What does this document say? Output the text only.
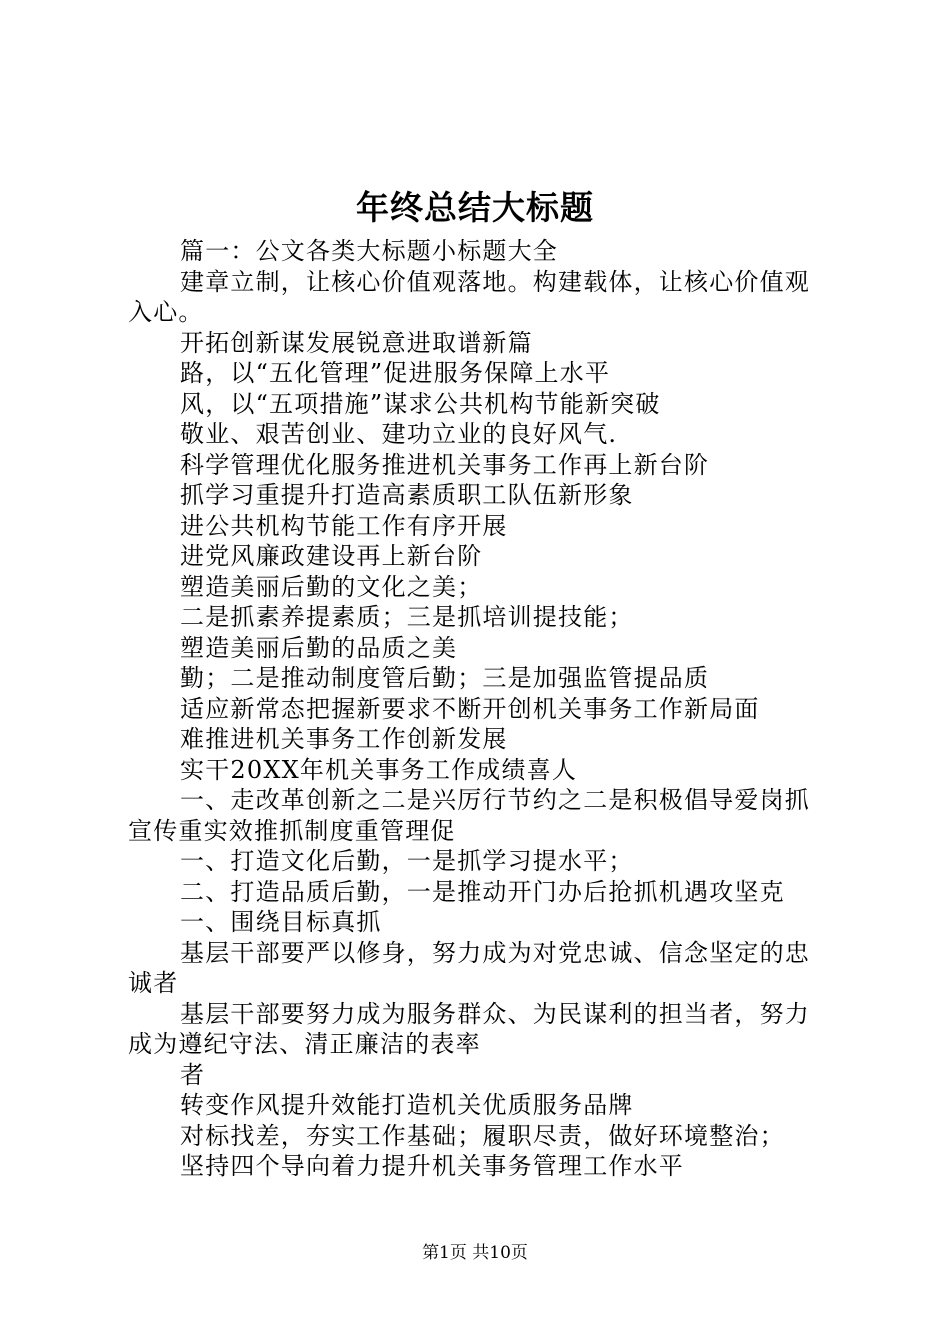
年终总结大标题

篇一：公文各类大标题小标题大全

建章立制，让核心价值观落地。构建载体，让核心价值观入心。

开拓创新谋发展锐意进取谱新篇

路，以“五化管理”促进服务保障上水平

风，以“五项措施”谋求公共机构节能新突破

敬业、艰苦创业、建功立业的良好风气.

科学管理优化服务推进机关事务工作再上新台阶

抓学习重提升打造高素质职工队伍新形象

进公共机构节能工作有序开展

进党风廉政建设再上新台阶

塑造美丽后勤的文化之美；

二是抓素养提素质；三是抓培训提技能；

塑造美丽后勤的品质之美

勤；二是推动制度管后勤；三是加强监管提品质

适应新常态把握新要求不断开创机关事务工作新局面

难推进机关事务工作创新发展

实干20XX年机关事务工作成绩喜人

一、走改革创新之二是兴厉行节约之二是积极倡导爱岗抓宣传重实效推抓制度重管理促

一、打造文化后勤，一是抓学习提水平；

二、打造品质后勤，一是推动开门办后抢抓机遇攻坚克

一、围绕目标真抓

基层干部要严以修身，努力成为对党忠诚、信念坚定的忠诚者

基层干部要努力成为服务群众、为民谋利的担当者，努力成为遵纪守法、清正廉洁的表率

者

转变作风提升效能打造机关优质服务品牌

对标找差，夯实工作基础；履职尽责，做好环境整治；

坚持四个导向着力提升机关事务管理工作水平

第1页 共10页
